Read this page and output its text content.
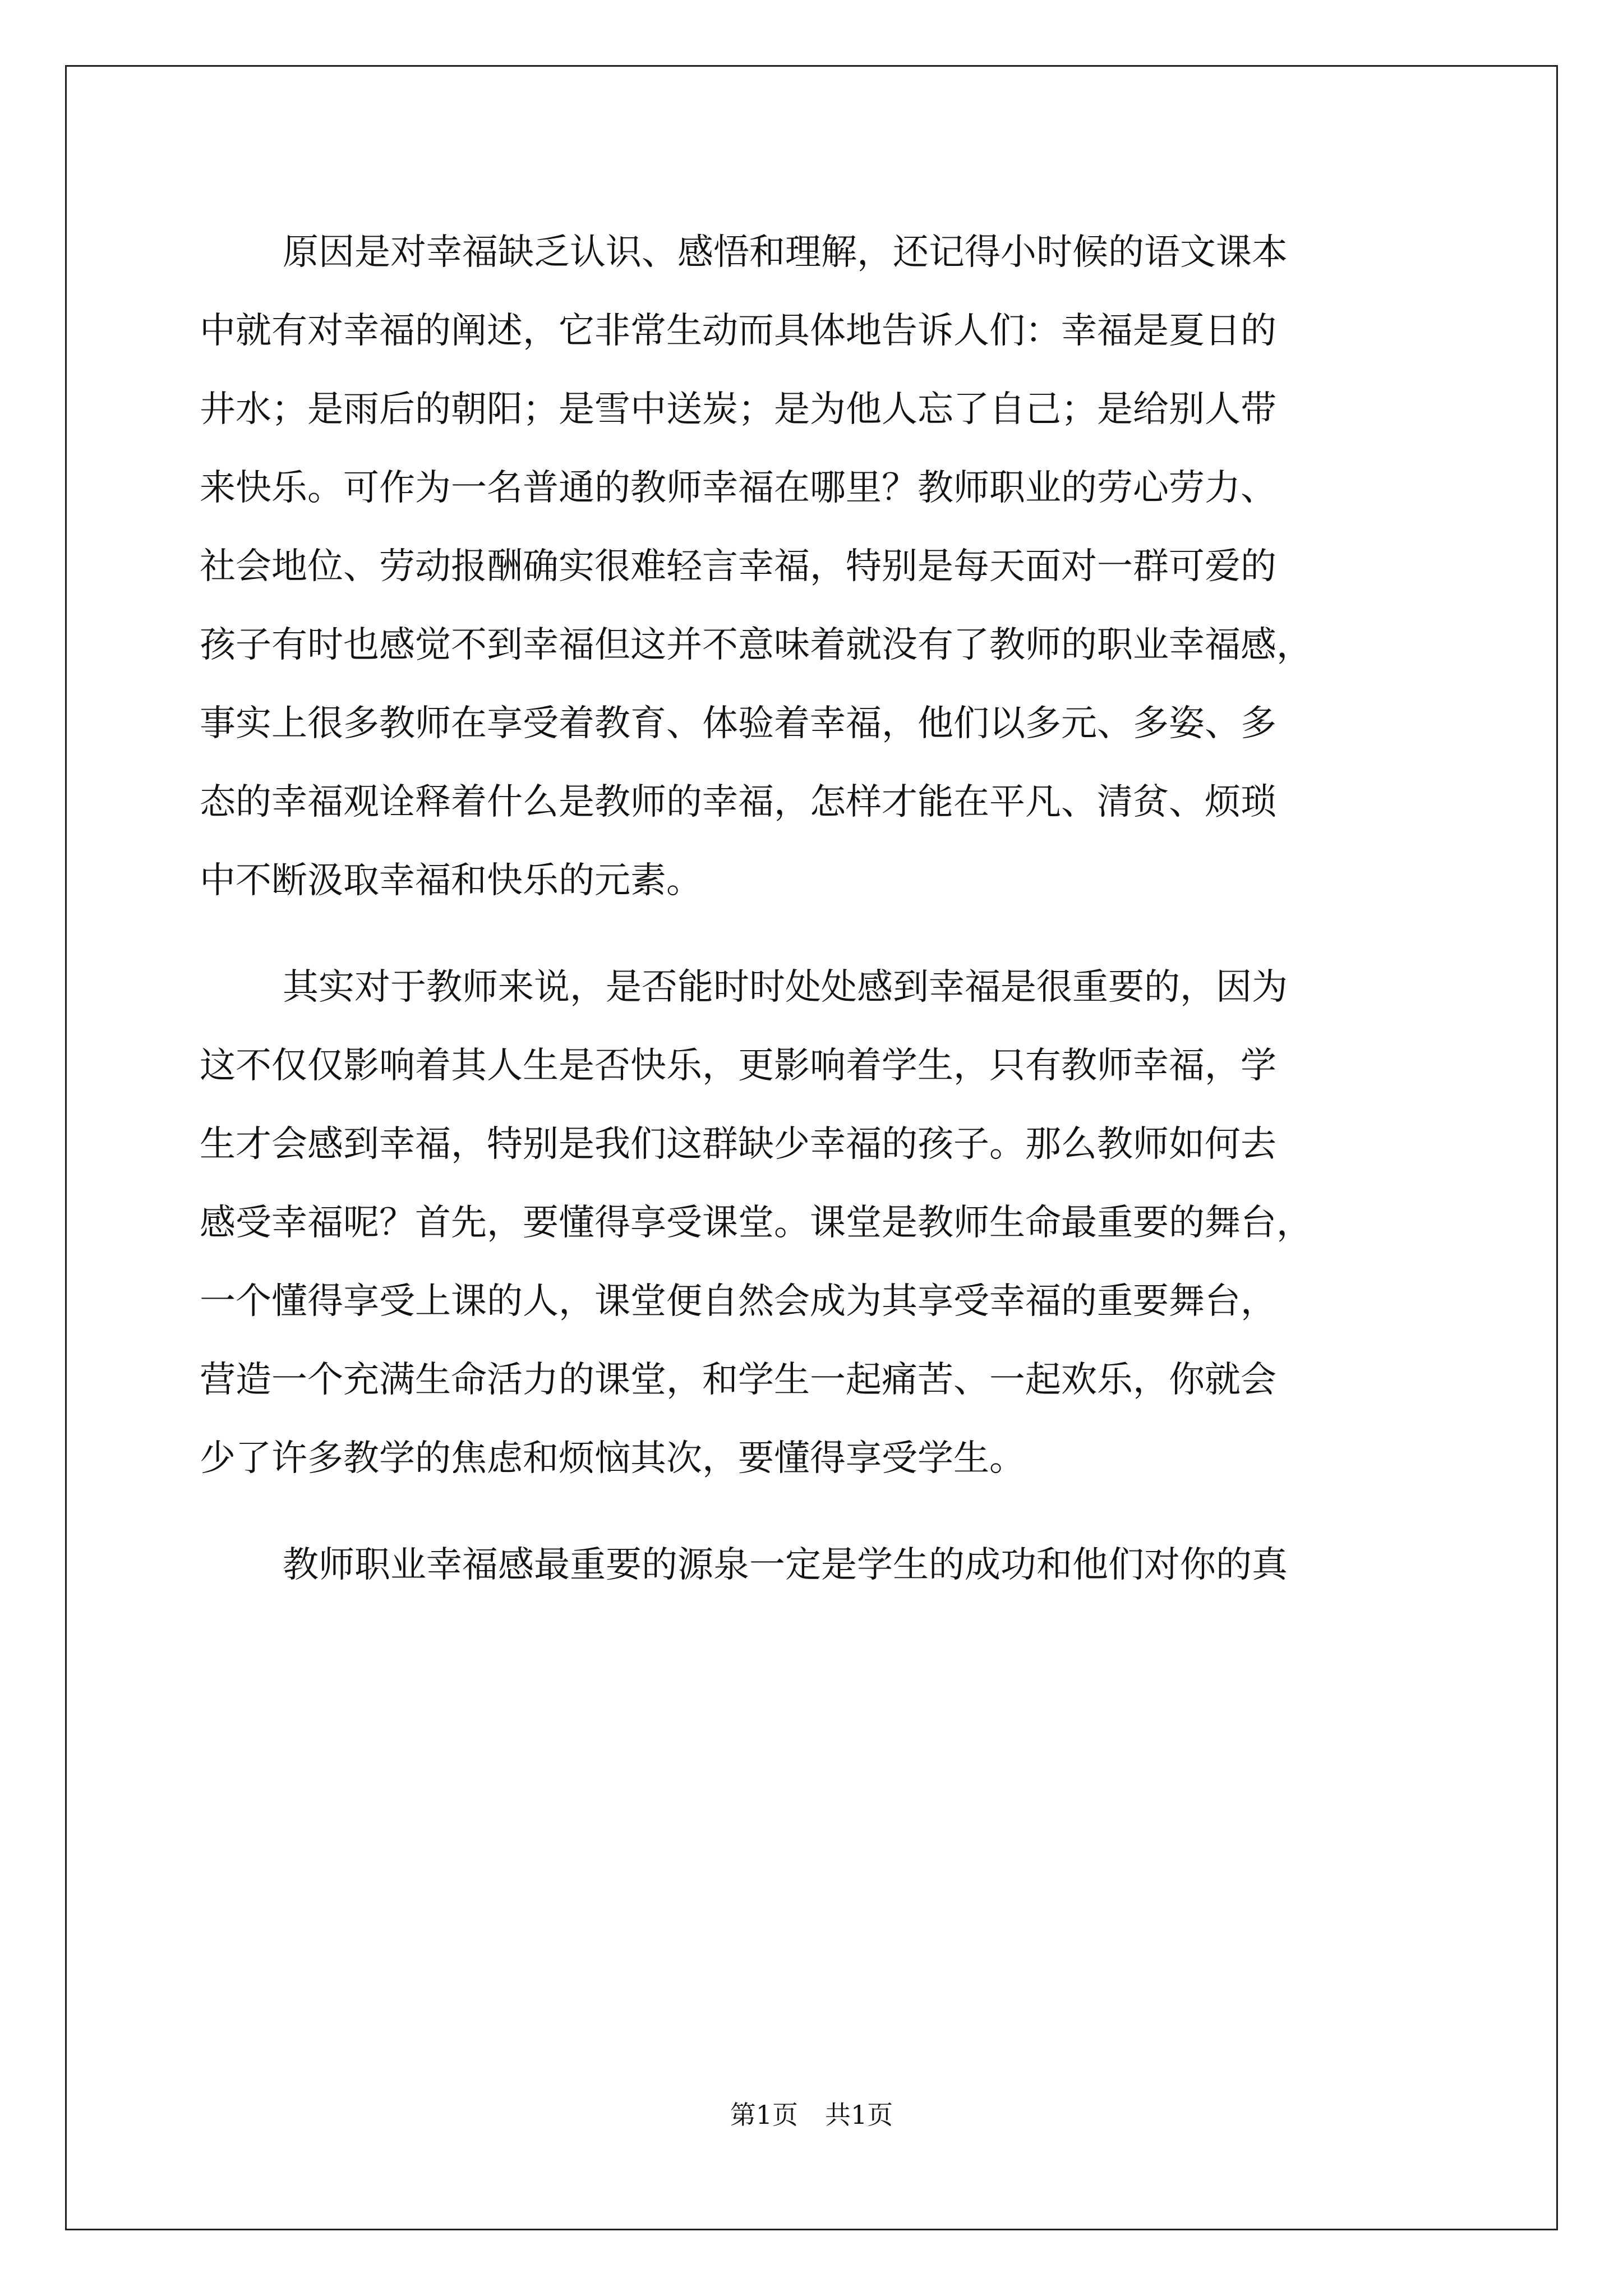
原因是对幸福缺乏认识、感悟和理解，还记得小时候的语文课本
中就有对幸福的阐述，它非常生动而具体地告诉人们：幸福是夏日的
井水；是雨后的朝阳；是雪中送炭；是为他人忘了自己；是给别人带
来快乐。可作为一名普通的教师幸福在哪里？教师职业的劳心劳力、
社会地位、劳动报酬确实很难轻言幸福，特别是每天面对一群可爱的
孩子有时也感觉不到幸福但这并不意味着就没有了教师的职业幸福感，
事实上很多教师在享受着教育、体验着幸福，他们以多元、多姿、多
态的幸福观诠释着什么是教师的幸福，怎样才能在平凡、清贫、烦琐
中不断汲取幸福和快乐的元素。
其实对于教师来说，是否能时时处处感到幸福是很重要的，因为
这不仅仅影响着其人生是否快乐，更影响着学生，只有教师幸福，学
生才会感到幸福，特别是我们这群缺少幸福的孩子。那么教师如何去
感受幸福呢？首先，要懂得享受课堂。课堂是教师生命最重要的舞台，
一个懂得享受上课的人，课堂便自然会成为其享受幸福的重要舞台，
营造一个充满生命活力的课堂，和学生一起痛苦、一起欢乐，你就会
少了许多教学的焦虑和烦恼其次，要懂得享受学生。
教师职业幸福感最重要的源泉一定是学生的成功和他们对你的真
第1页 共1页
